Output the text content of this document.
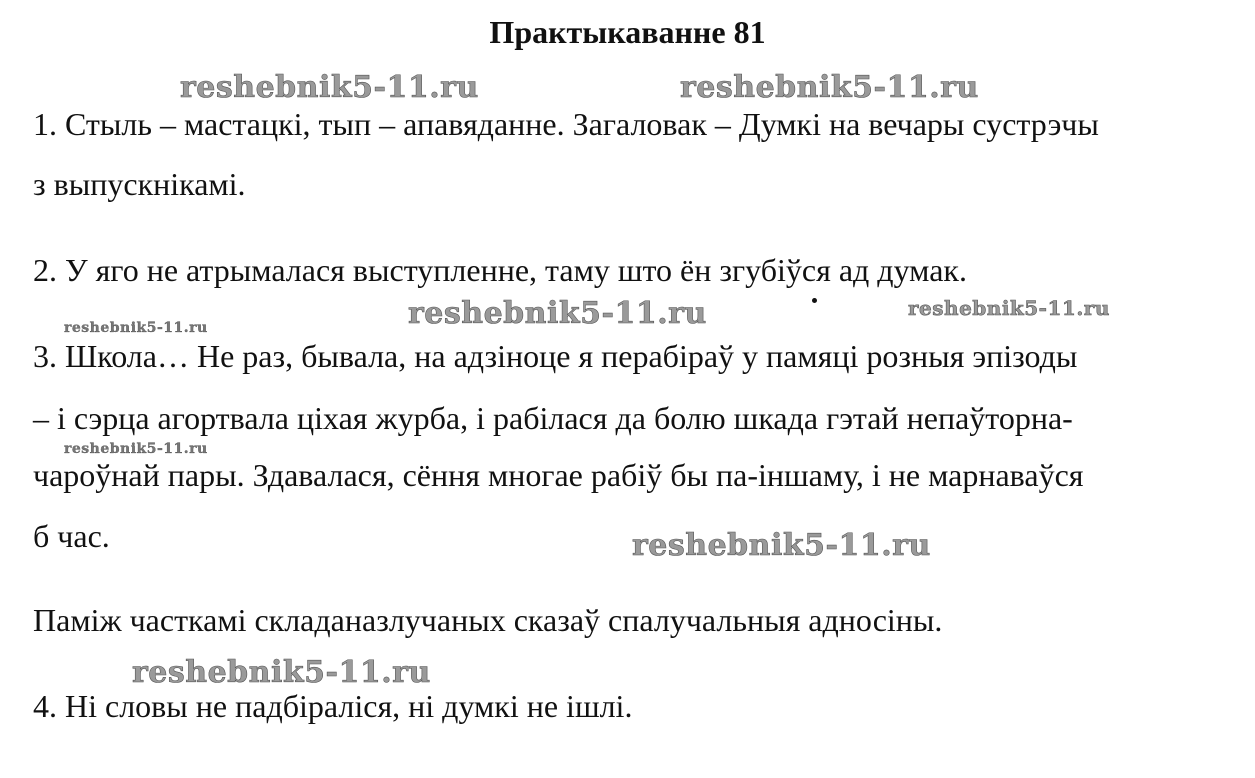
Практыкаванне 81
reshebnik5-11.ru	reshebnik5-11.ru
reshebnik5-11.ru	reshebnik5-11.ru
reshebnik5-11.ru
reshebnik5-11.ru
reshebnik5-11.ru
reshebnik5-11.ru
1. Стыль – мастацкі, тып – апавяданне. Загаловак – Думкі на вечары сустрэчы
з выпускнікамі.
2. У яго не атрымалася выступленне, таму што ён згубіўся ад думак.
3. Школа… Не раз, бывала, на адзіноце я перабіраў у памяці розныя эпізоды
– і сэрца агортвала ціхая журба, і рабілася да болю шкада гэтай непаўторна-
чароўнай пары. Здавалася, сёння многае рабіў бы па-іншаму, і не марнаваўся
б час.
Паміж часткамі складаназлучаных сказаў спалучальныя адносіны.
4. Ні словы не падбіраліся, ні думкі не ішлі.
